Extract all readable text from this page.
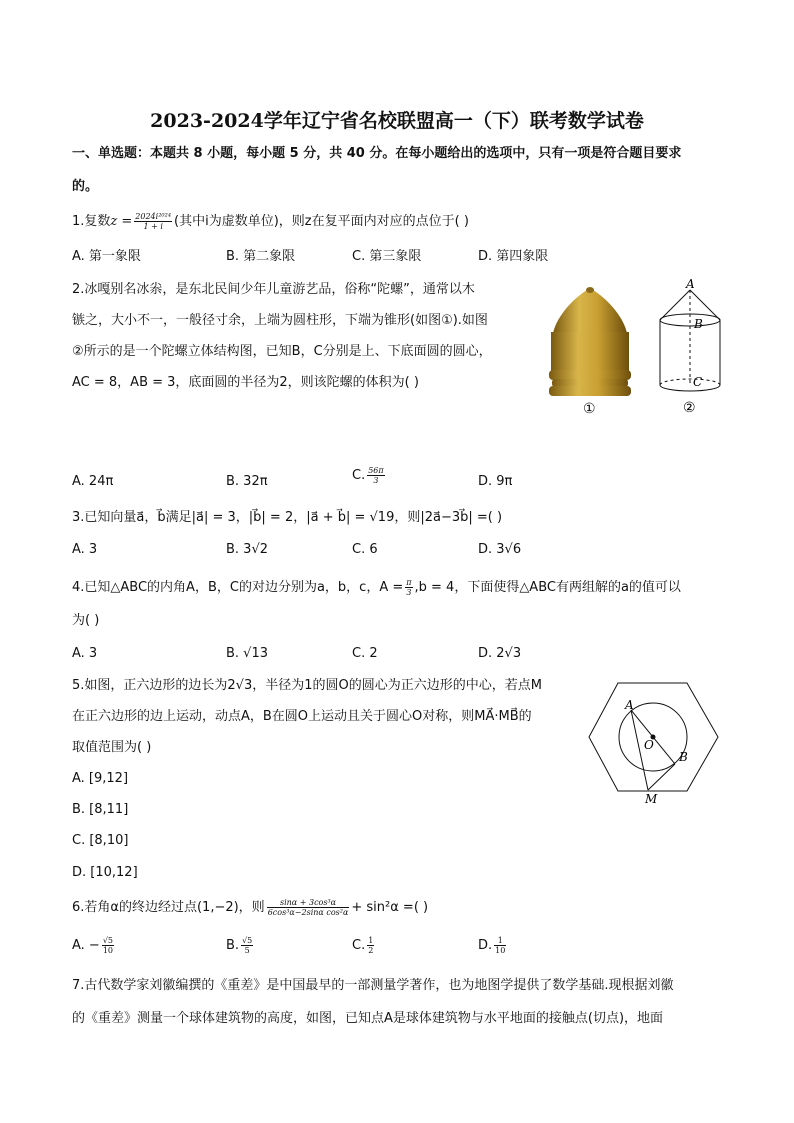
2023-2024学年辽宁省名校联盟高一（下）联考数学试卷
一、单选题：本题共 8 小题，每小题 5 分，共 40 分。在每小题给出的选项中，只有一项是符合题目要求
的。
1.复数$z = \frac{\text{2024i²⁰²⁴}}{1 + i}$ (其中i为虚数单位)，则z在复平面内对应的点位于( )
A. 第一象限	B. 第二象限	C. 第三象限	D. 第四象限
2.冰嘎别名冰尜，是东北民间少年儿童游艺品，俗称“陀螺”，通常以木
镞之，大小不一，一般径寸余，上端为圆柱形，下端为锥形(如图①).如图
②所示的是一个陀螺立体结构图，已知B，C分别是上、下底面圆的圆心，
AC = 8，AB = 3，底面圆的半径为2，则该陀螺的体积为( )
①
A
B
C
②
A. 24π	B. 32π	C. $\frac{56\pi}{3}$	D. 9π
3.已知向量a⃗，b⃗满足|a⃗| = 3，|b⃗| = 2，|a⃗ + b⃗| = √19，则|2a⃗−3b⃗| =( )
A. 3	B. 3√2	C. 6	D. 3√6
4.已知△ABC的内角A，B，C的对边分别为a，b，c，$A = \frac{\pi}{3} ,b = 4$，下面使得△ABC有两组解的a的值可以
为( )
A. 3	B. √13	C. 2	D. 2√3
5.如图，正六边形的边长为2√3，半径为1的圆O的圆心为正六边形的中心，若点M
在正六边形的边上运动，动点A，B在圆O上运动且关于圆心O对称，则MA⃗·MB⃗的
取值范围为( )
A. [9,12]
B. [8,11]
C. [8,10]
D. [10,12]
A
O
B
M
6.若角α的终边经过点(1,−2)，则 $\frac{\text{sinα + 3cos³α}}{\text{6cos³α−2sinα cos²α}} + \sin^2\alpha$ =( )
A. − $\frac{√5}{10}$	B. $\frac{√5}{5}$	C. $\frac{1}{2}$	D. $\frac{1}{10}$
7.古代数学家刘徽编撰的《重差》是中国最早的一部测量学著作，也为地图学提供了数学基础.现根据刘徽
的《重差》测量一个球体建筑物的高度，如图，已知点A是球体建筑物与水平地面的接触点(切点)，地面
